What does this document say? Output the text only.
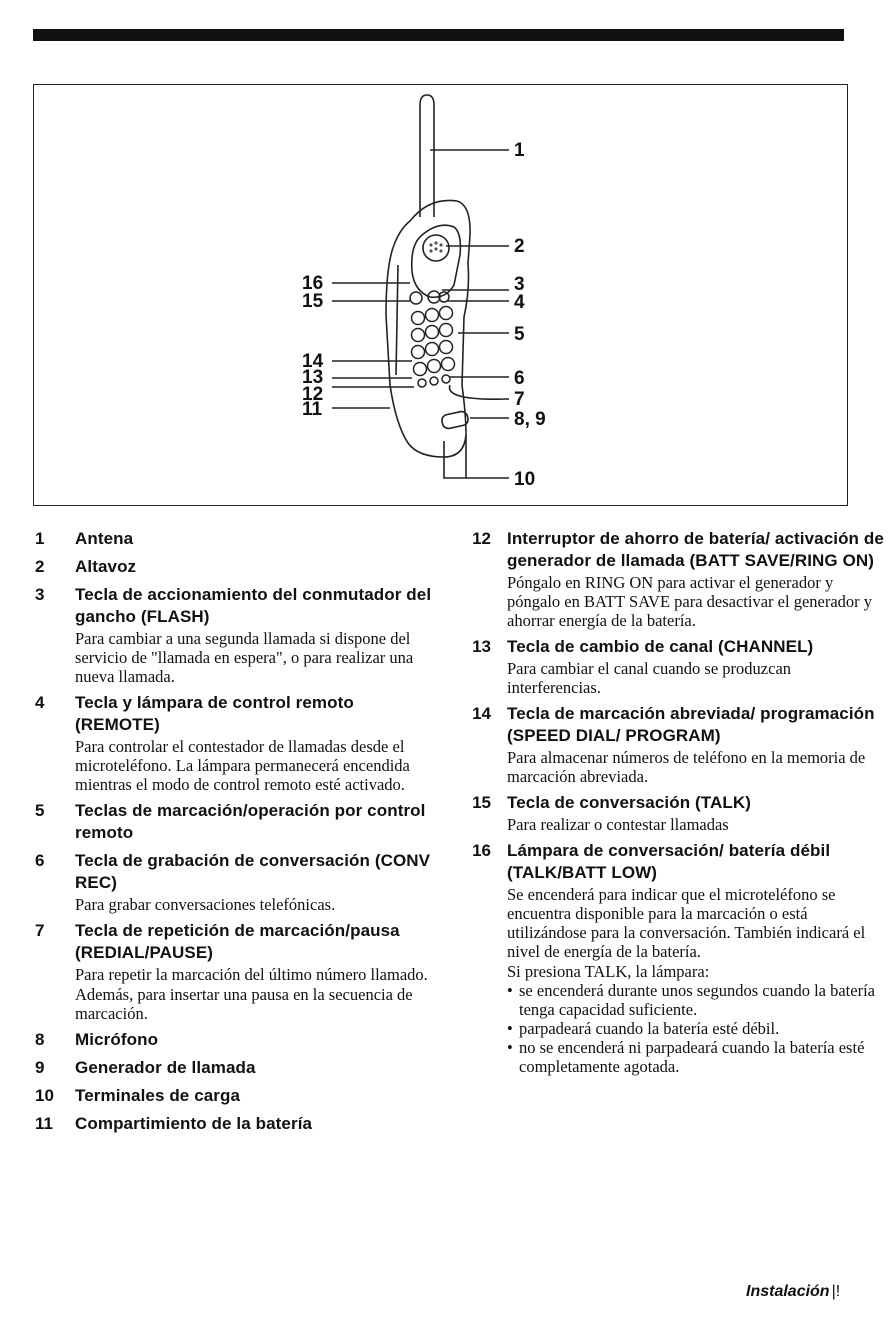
1
2
3
4
5
6
7
8, 9
10
11
12
13
14
15
16
1	Antena
2	Altavoz
3	Tecla de accionamiento del conmutador del gancho (FLASH)
Para cambiar a una segunda llamada si dispone del servicio de "llamada en espera", o para realizar una nueva llamada.
4	Tecla y lámpara de control remoto (REMOTE)
Para controlar el contestador de llamadas desde el microteléfono. La lámpara permanecerá encendida mientras el modo de control remoto esté activado.
5	Teclas de marcación/operación por control remoto
6	Tecla de grabación de conversación (CONV REC)
Para grabar conversaciones telefónicas.
7	Tecla de repetición de marcación/pausa (REDIAL/PAUSE)
Para repetir la marcación del último número llamado.
Además, para insertar una pausa en la secuencia de marcación.
8	Micrófono
9	Generador de llamada
10	Terminales de carga
11	Compartimiento de la batería
12 Interruptor de ahorro de batería/ activación de generador de llamada (BATT SAVE/RING ON)
Póngalo en RING ON para activar el generador y póngalo en BATT SAVE para desactivar el generador y ahorrar energía de la batería.
13 Tecla de cambio de canal (CHANNEL)
Para cambiar el canal cuando se produzcan interferencias.
14 Tecla de marcación abreviada/ programación (SPEED DIAL/ PROGRAM)
Para almacenar números de teléfono en la memoria de marcación abreviada.
15 Tecla de conversación (TALK)
Para realizar o contestar llamadas
16 Lámpara de conversación/ batería débil (TALK/BATT LOW)
Se encenderá para indicar que el microteléfono se encuentra disponible para la marcación o está utilizándose para la conversación. También indicará el nivel de energía de la batería.
Si presiona TALK, la lámpara:
• se encenderá durante unos segundos cuando la batería tenga capacidad suficiente.
• parpadeará cuando la batería esté débil.
• no se encenderá ni parpadeará cuando la batería esté completamente agotada.
Instalación |!
